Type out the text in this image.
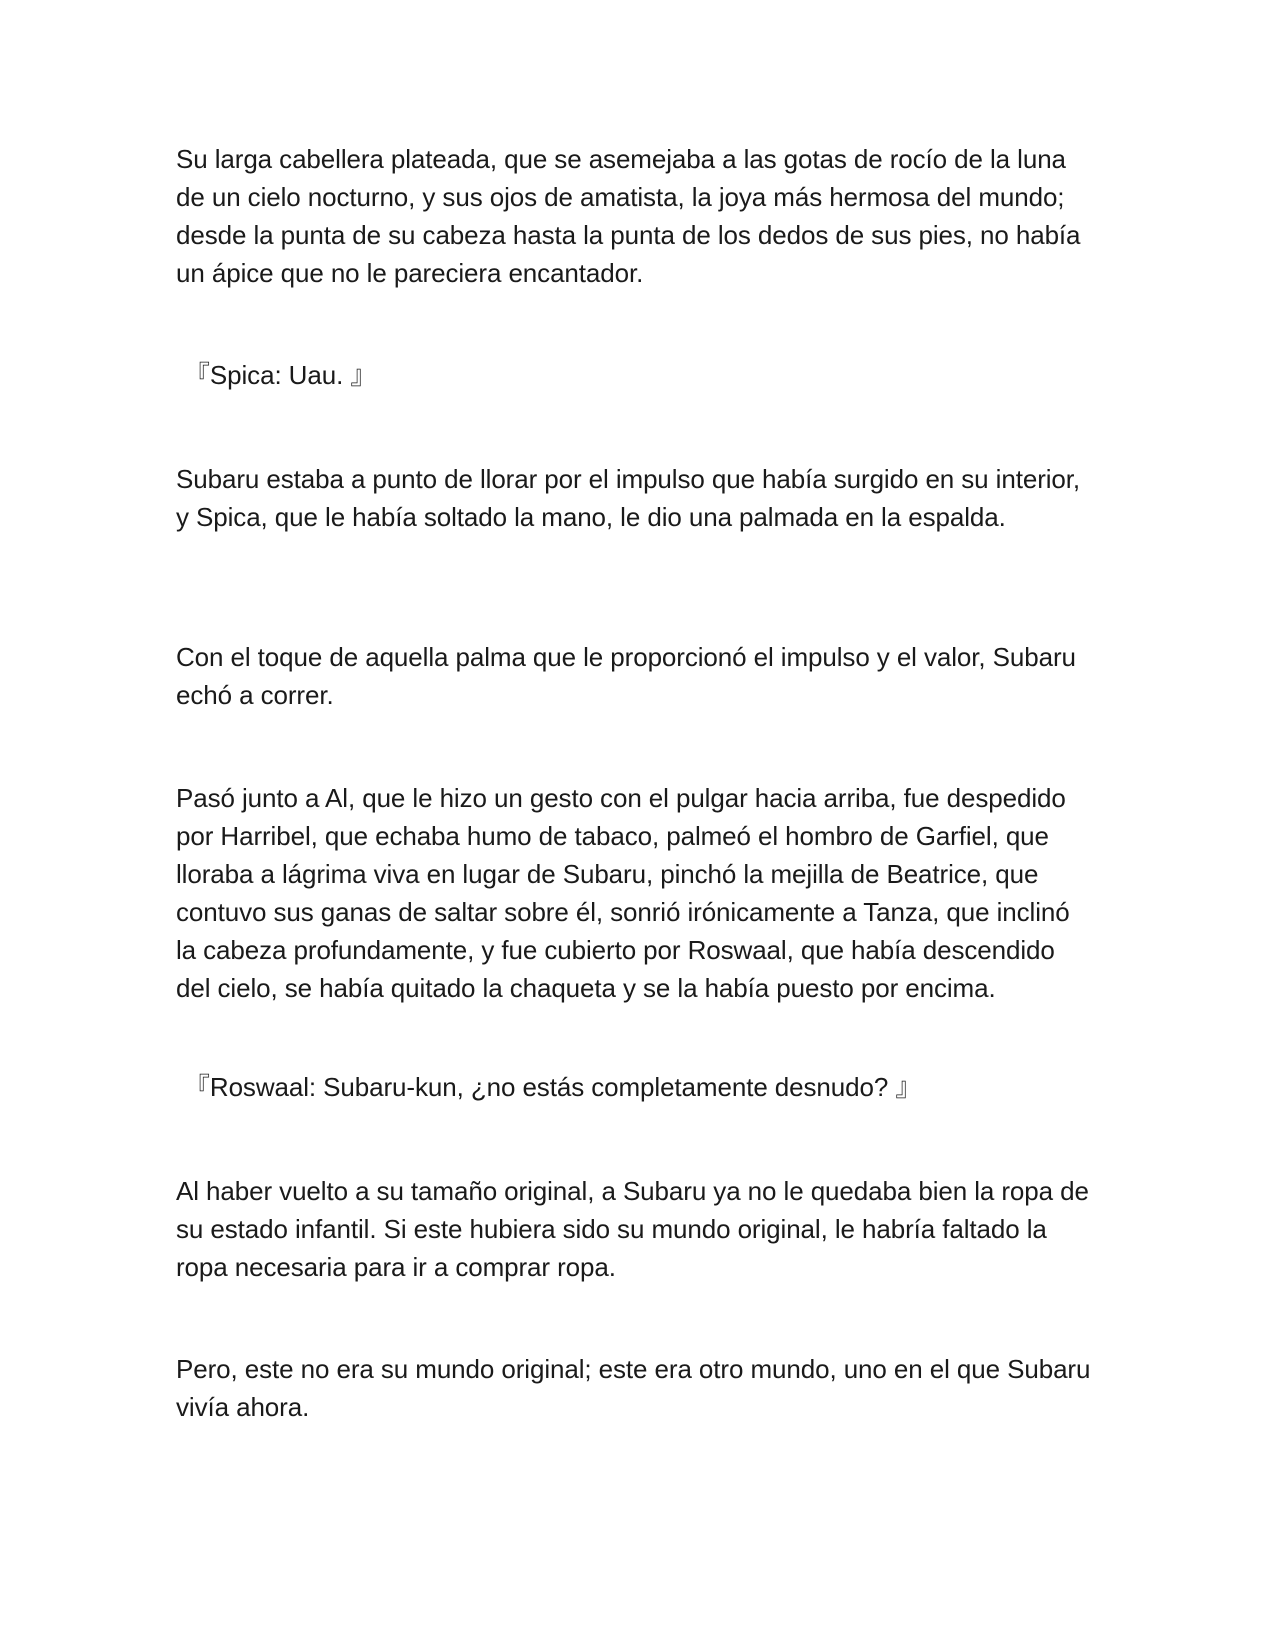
Su larga cabellera plateada, que se asemejaba a las gotas de rocío de la luna de un cielo nocturno, y sus ojos de amatista, la joya más hermosa del mundo; desde la punta de su cabeza hasta la punta de los dedos de sus pies, no había un ápice que no le pareciera encantador.

『Spica: Uau. 』

Subaru estaba a punto de llorar por el impulso que había surgido en su interior, y Spica, que le había soltado la mano, le dio una palmada en la espalda.

Con el toque de aquella palma que le proporcionó el impulso y el valor, Subaru echó a correr.

Pasó junto a Al, que le hizo un gesto con el pulgar hacia arriba, fue despedido por Harribel, que echaba humo de tabaco, palmeó el hombro de Garfiel, que lloraba a lágrima viva en lugar de Subaru, pinchó la mejilla de Beatrice, que contuvo sus ganas de saltar sobre él, sonrió irónicamente a Tanza, que inclinó la cabeza profundamente, y fue cubierto por Roswaal, que había descendido del cielo, se había quitado la chaqueta y se la había puesto por encima.

『Roswaal: Subaru-kun, ¿no estás completamente desnudo? 』

Al haber vuelto a su tamaño original, a Subaru ya no le quedaba bien la ropa de su estado infantil. Si este hubiera sido su mundo original, le habría faltado la ropa necesaria para ir a comprar ropa.

Pero, este no era su mundo original; este era otro mundo, uno en el que Subaru vivía ahora.
